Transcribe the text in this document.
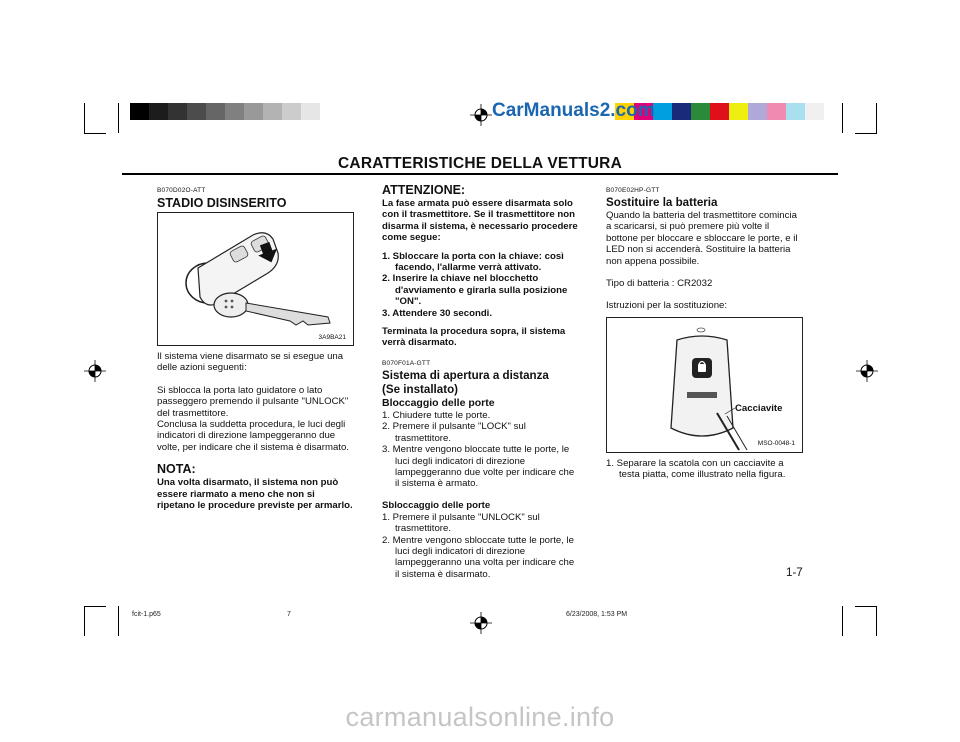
CarManuals2.com
CARATTERISTICHE DELLA VETTURA
B070D02O-ATT
STADIO DISINSERITO
3A9BA21

Il sistema viene disarmato se si esegue una delle azioni seguenti:

Si sblocca la porta lato guidatore o lato passeggero premendo il pulsante "UNLOCK" del trasmettitore.

Conclusa la suddetta procedura, le luci degli indicatori di direzione lampeggeranno due volte, per indicare che il sistema è disarmato.

NOTA:

Una volta disarmato, il sistema non può essere riarmato a meno che non si ripetano le procedure previste per armarlo.

ATTENZIONE:

La fase armata può essere disarmata solo con il trasmettitore. Se il trasmettitore non disarma il sistema, è necessario procedere come segue:

1. Sbloccare la porta con la chiave: così facendo, l'allarme verrà attivato.
2. Inserire la chiave nel blocchetto d'avviamento e girarla sulla posizione "ON".
3. Attendere 30 secondi.

Terminata la procedura sopra, il sistema verrà disarmato.

B070F01A-GTT
Sistema di apertura a distanza
(Se installato)
Bloccaggio delle porte
1. Chiudere tutte le porte.
2. Premere il pulsante "LOCK" sul trasmettitore.
3. Mentre vengono bloccate tutte le porte, le luci degli indicatori di direzione lampeggeranno due volte per indicare che il sistema è armato.
Sbloccaggio delle porte
1. Premere il pulsante "UNLOCK" sul trasmettitore.
2. Mentre vengono sbloccate tutte le porte, le luci degli indicatori di direzione lampeggeranno una volta per indicare che il sistema è disarmato.
B070E02HP-GTT
Sostituire la batteria

Quando la batteria del trasmettitore comincia a scaricarsi, si può premere più volte il bottone per bloccare e sbloccare le porte, e il LED non si accenderà. Sostituire la batteria non appena possibile.

Tipo di batteria : CR2032

Istruzioni per la sostituzione:

Cacciavite
MSO-0048-1
1. Separare la scatola con un cacciavite a testa piatta, come illustrato nella figura.
1-7
fcit-1.p65	7	6/23/2008, 1:53 PM
carmanualsonline.info
